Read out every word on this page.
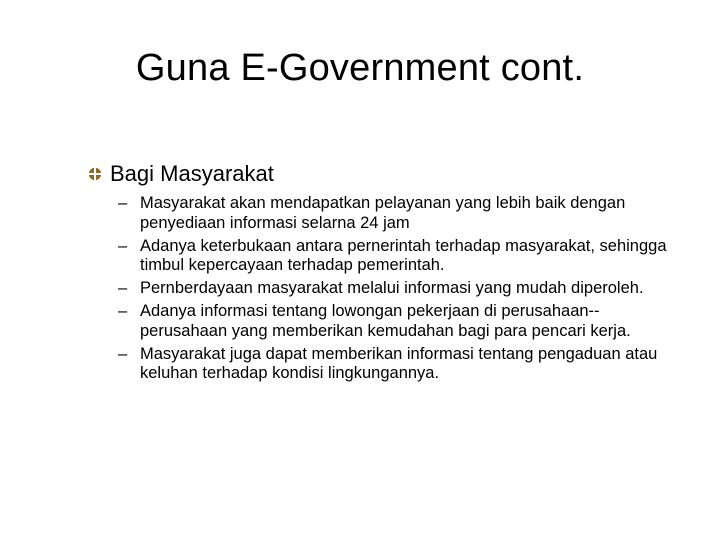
Guna E-Government cont.
Bagi Masyarakat
– Masyarakat akan mendapatkan pelayanan yang lebih baik dengan penyediaan informasi selarna 24 jam
– Adanya keterbukaan antara pernerintah terhadap masyarakat, sehingga timbul kepercayaan terhadap pemerintah.
– Pernberdayaan masyarakat melalui informasi yang mudah diperoleh.
– Adanya informasi tentang lowongan pekerjaan di perusahaan-- perusahaan yang memberikan kemudahan bagi para pencari kerja.
– Masyarakat juga dapat memberikan informasi tentang pengaduan atau keluhan terhadap kondisi lingkungannya.
